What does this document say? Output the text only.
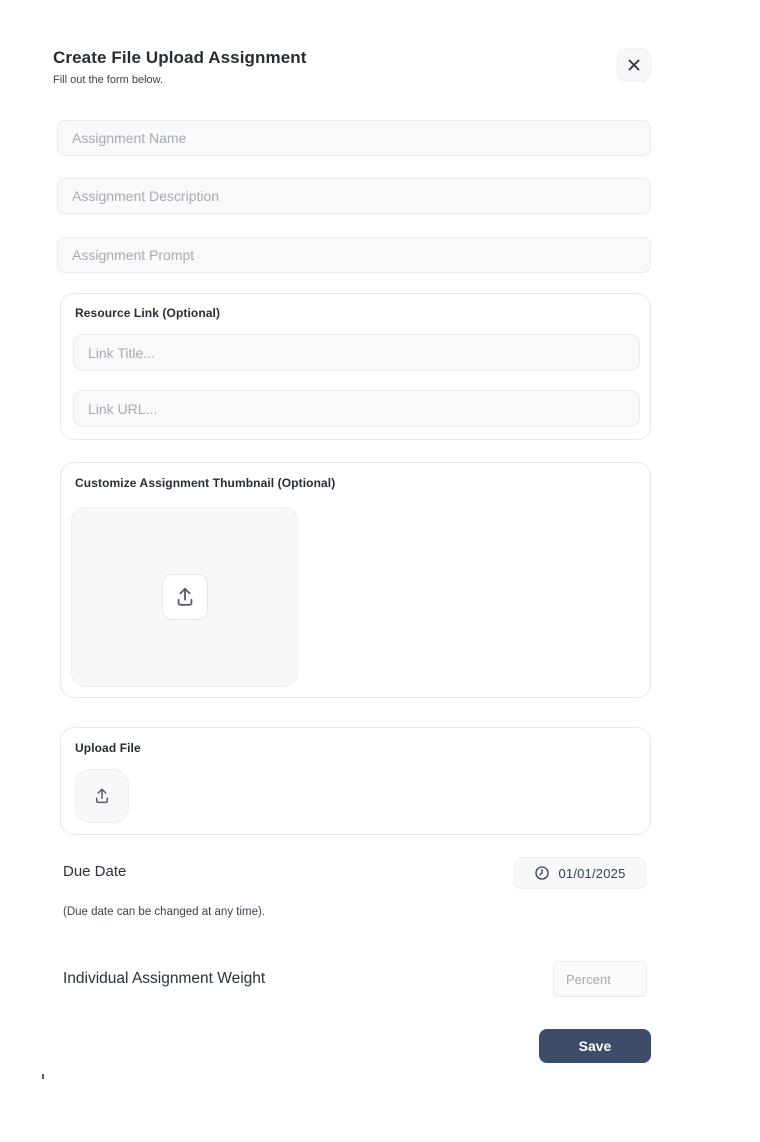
Create File Upload Assignment
Fill out the form below.
Assignment Name
Assignment Description
Assignment Prompt
Resource Link (Optional)
Link Title...
Link URL...
Customize Assignment Thumbnail (Optional)
Upload File
Due Date	01/01/2025
(Due date can be changed at any time).
Individual Assignment Weight
Percent
Save
